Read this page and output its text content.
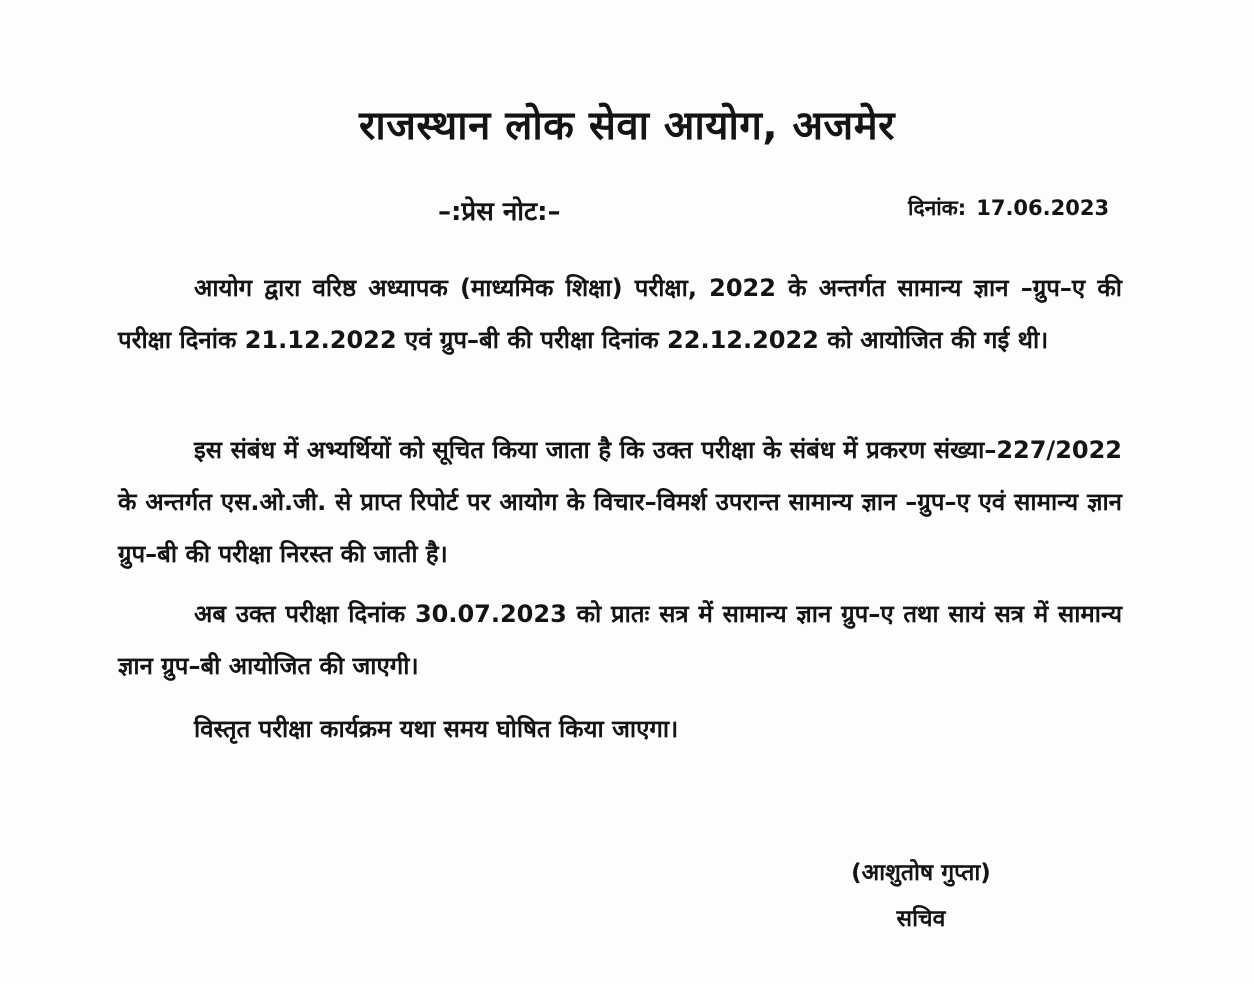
राजस्थान लोक सेवा आयोग, अजमेर
–:प्रेस नोट:–	दिनांक: 17.06.2023
आयोग द्वारा वरिष्ठ अध्यापक (माध्यमिक शिक्षा) परीक्षा, 2022 के अन्तर्गत सामान्य ज्ञान –ग्रुप–ए की परीक्षा दिनांक 21.12.2022 एवं ग्रुप–बी की परीक्षा दिनांक 22.12.2022 को आयोजित की गई थी।
इस संबंध में अभ्यर्थियों को सूचित किया जाता है कि उक्त परीक्षा के संबंध में प्रकरण संख्या–227/2022 के अन्तर्गत एस.ओ.जी. से प्राप्त रिपोर्ट पर आयोग के विचार–विमर्श उपरान्त सामान्य ज्ञान –ग्रुप–ए एवं सामान्य ज्ञान ग्रुप–बी की परीक्षा निरस्त की जाती है।
अब उक्त परीक्षा दिनांक 30.07.2023 को प्रातः सत्र में सामान्य ज्ञान ग्रुप–ए तथा सायं सत्र में सामान्य ज्ञान ग्रुप–बी आयोजित की जाएगी।
विस्तृत परीक्षा कार्यक्रम यथा समय घोषित किया जाएगा।
(आशुतोष गुप्ता)
सचिव
